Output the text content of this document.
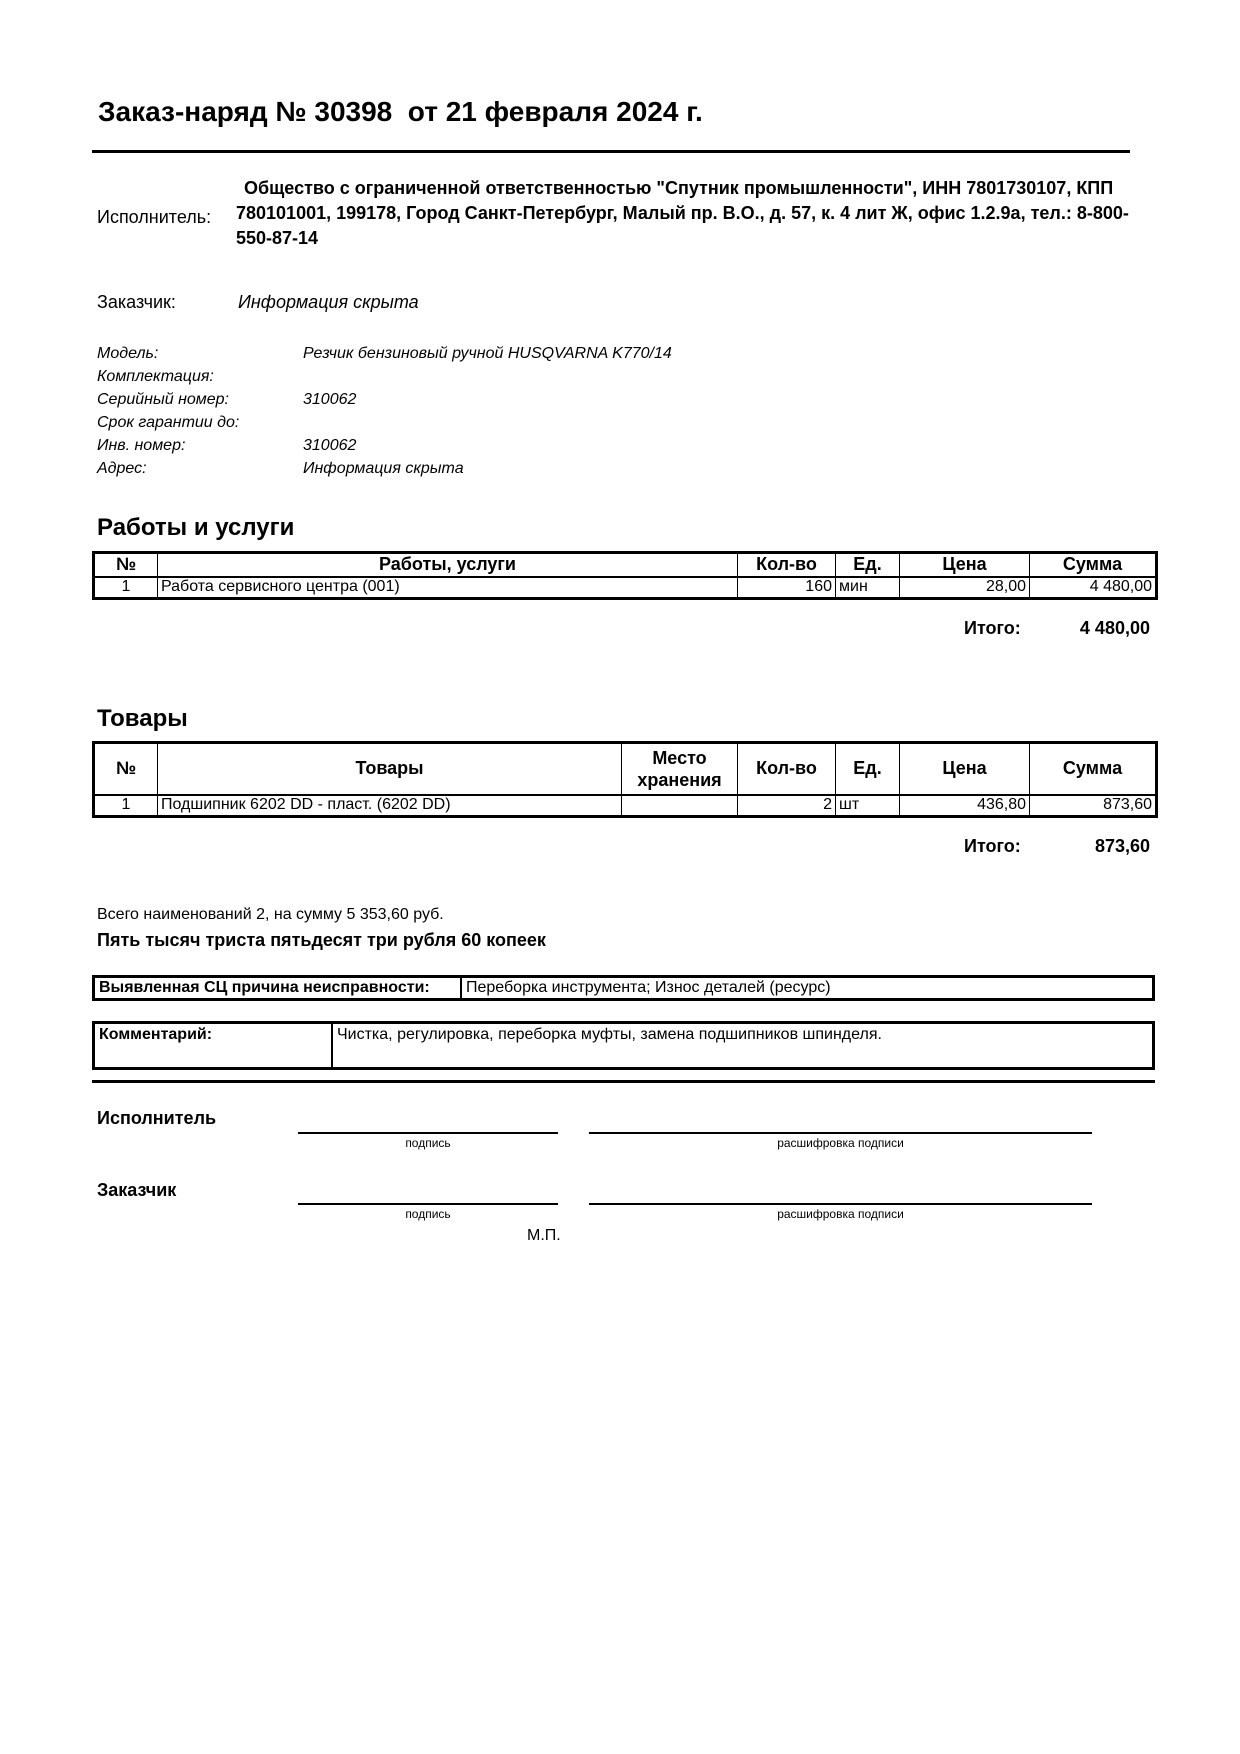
Заказ-наряд № 30398  от 21 февраля 2024 г.
Исполнитель:
Общество с ограниченной ответственностью "Спутник промышленности", ИНН 7801730107, КПП 780101001, 199178, Город Санкт-Петербург, Малый пр. В.О., д. 57, к. 4 лит Ж, офис 1.2.9а, тел.: 8-800-550-87-14
Заказчик:	Информация скрыта
Модель:	Резчик бензиновый ручной HUSQVARNA K770/14
Комплектация:
Серийный номер:	310062
Срок гарантии до:
Инв. номер:	310062
Адрес:	Информация скрыта
Работы и услуги
№	Работы, услуги	Кол-во	Ед.	Цена	Сумма
1	Работа сервисного центра (001)	160	мин	28,00	4 480,00
Итого:	4 480,00
Товары
№	Товары	Место хранения	Кол-во	Ед.	Цена	Сумма
1	Подшипник 6202 DD - пласт. (6202 DD)		2	шт	436,80	873,60
Итого:	873,60
Всего наименований 2, на сумму 5 353,60 руб.
Пять тысяч триста пятьдесят три рубля 60 копеек
Выявленная СЦ причина неисправности:	Переборка инструмента; Износ деталей (ресурс)
Комментарий:	Чистка, регулировка, переборка муфты, замена подшипников шпинделя.
Исполнитель
подпись	расшифровка подписи
Заказчик
подпись	расшифровка подписи
М.П.
